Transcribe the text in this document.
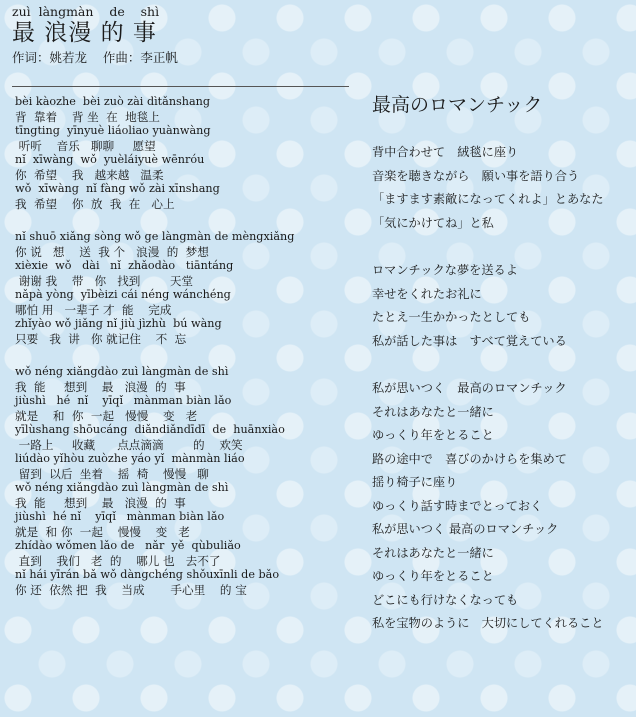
zuì  làngmàn    de    shì
最 浪漫 的 事
作词：姚若龙    作曲：李正帆
bèi kàozhe  bèi zuò zài dìtǎnshang
背  靠着    背 坐  在  地毯上
tīngting  yīnyuè liáoliao yuànwàng
听听    音乐   聊聊     愿望
nǐ  xīwàng  wǒ  yuèláiyuè wēnróu
你  希望    我   越来越   温柔
wǒ  xīwàng  nǐ fàng wǒ zài xīnshang
我  希望    你  放  我  在   心上
nǐ shuō xiǎng sòng wǒ ge làngmàn de mèngxiǎng
你 说   想    送  我 个   浪漫  的  梦想
xièxie  wǒ   dài   nǐ  zhǎodào   tiāntáng
谢谢 我    带   你   找到        天堂
nǎpà yòng  yībèizi cái néng wánchéng
哪怕 用   一辈子 才  能    完成
zhǐyào wǒ jiǎng nǐ jiù jìzhù  bú wàng
只要   我  讲   你 就记住    不  忘
wǒ néng xiǎngdào zuì làngmàn de shì
我  能     想到    最   浪漫  的  事
jiùshì   hé  nǐ    yīqǐ   mànman biàn lǎo
就是    和  你  一起   慢慢    变   老
yīlùshang shōucáng  diǎndiǎndīdī  de  huānxiào
一路上     收藏      点点滴滴        的    欢笑
liúdào yǐhòu zuòzhe yáo yǐ  mànmàn liáo
留到  以后  坐着    摇  椅    慢慢   聊
wǒ néng xiǎngdào zuì làngmàn de shì
我  能     想到    最   浪漫  的  事
jiùshì  hé nǐ    yīqǐ   mànman biàn lǎo
就是  和 你  一起    慢慢    变   老
zhídào wǒmen lǎo de   nǎr  yě  qùbuliǎo
直到    我们   老  的    哪儿 也   去不了
nǐ hái yīrán bǎ wǒ dàngchéng shǒuxīnli de bǎo
你 还  依然 把  我    当成       手心里    的 宝
最高のロマンチック
背中合わせて　絨毯に座り
音楽を聴きながら　願い事を語り合う
「ますます素敵になってくれよ」とあなた
「気にかけてね」と私
ロマンチックな夢を送るよ
幸せをくれたお礼に
たとえ一生かかったとしても
私が話した事は　すべて覚えている
私が思いつく　最高のロマンチック
それはあなたと一緒に
ゆっくり年をとること
路の途中で　喜びのかけらを集めて
揺り椅子に座り
ゆっくり話す時までとっておく
私が思いつく 最高のロマンチック
それはあなたと一緒に
ゆっくり年をとること
どこにも行けなくなっても
私を宝物のように　大切にしてくれること
